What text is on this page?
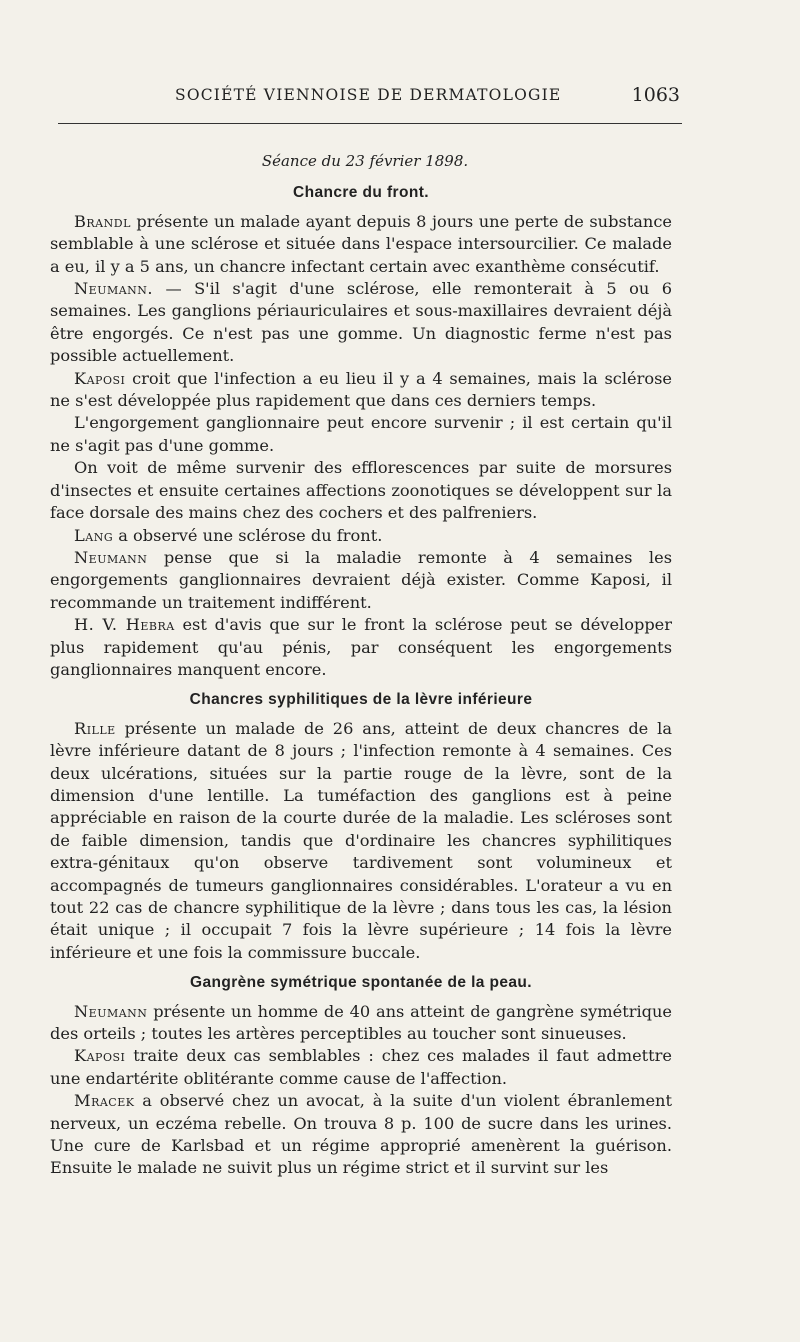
SOCIÉTÉ VIENNOISE DE DERMATOLOGIE	1063

Séance du 23 février 1898.

Chancre du front.

Brandl présente un malade ayant depuis 8 jours une perte de substance semblable à une sclérose et située dans l'espace intersourcilier. Ce malade a eu, il y a 5 ans, un chancre infectant certain avec exanthème consécutif.

Neumann. — S'il s'agit d'une sclérose, elle remonterait à 5 ou 6 semaines. Les ganglions périauriculaires et sous-maxillaires devraient déjà être engorgés. Ce n'est pas une gomme. Un diagnostic ferme n'est pas possible actuellement.

Kaposi croit que l'infection a eu lieu il y a 4 semaines, mais la sclérose ne s'est développée plus rapidement que dans ces derniers temps.

L'engorgement ganglionnaire peut encore survenir ; il est certain qu'il ne s'agit pas d'une gomme.

On voit de même survenir des efflorescences par suite de morsures d'insectes et ensuite certaines affections zoonotiques se développent sur la face dorsale des mains chez des cochers et des palfreniers.

Lang a observé une sclérose du front.

Neumann pense que si la maladie remonte à 4 semaines les engorgements ganglionnaires devraient déjà exister. Comme Kaposi, il recommande un traitement indifférent.

H. V. Hebra est d'avis que sur le front la sclérose peut se développer plus rapidement qu'au pénis, par conséquent les engorgements ganglionnaires manquent encore.

Chancres syphilitiques de la lèvre inférieure

Rille présente un malade de 26 ans, atteint de deux chancres de la lèvre inférieure datant de 8 jours ; l'infection remonte à 4 semaines. Ces deux ulcérations, situées sur la partie rouge de la lèvre, sont de la dimension d'une lentille. La tuméfaction des ganglions est à peine appréciable en raison de la courte durée de la maladie. Les scléroses sont de faible dimension, tandis que d'ordinaire les chancres syphilitiques extra-génitaux qu'on observe tardivement sont volumineux et accompagnés de tumeurs ganglionnaires considérables. L'orateur a vu en tout 22 cas de chancre syphilitique de la lèvre ; dans tous les cas, la lésion était unique ; il occupait 7 fois la lèvre supérieure ; 14 fois la lèvre inférieure et une fois la commissure buccale.

Gangrène symétrique spontanée de la peau.

Neumann présente un homme de 40 ans atteint de gangrène symétrique des orteils ; toutes les artères perceptibles au toucher sont sinueuses.

Kaposi traite deux cas semblables : chez ces malades il faut admettre une endartérite oblitérante comme cause de l'affection.

Mracek a observé chez un avocat, à la suite d'un violent ébranlement nerveux, un eczéma rebelle. On trouva 8 p. 100 de sucre dans les urines. Une cure de Karlsbad et un régime approprié amenèrent la guérison. Ensuite le malade ne suivit plus un régime strict et il survint sur les
